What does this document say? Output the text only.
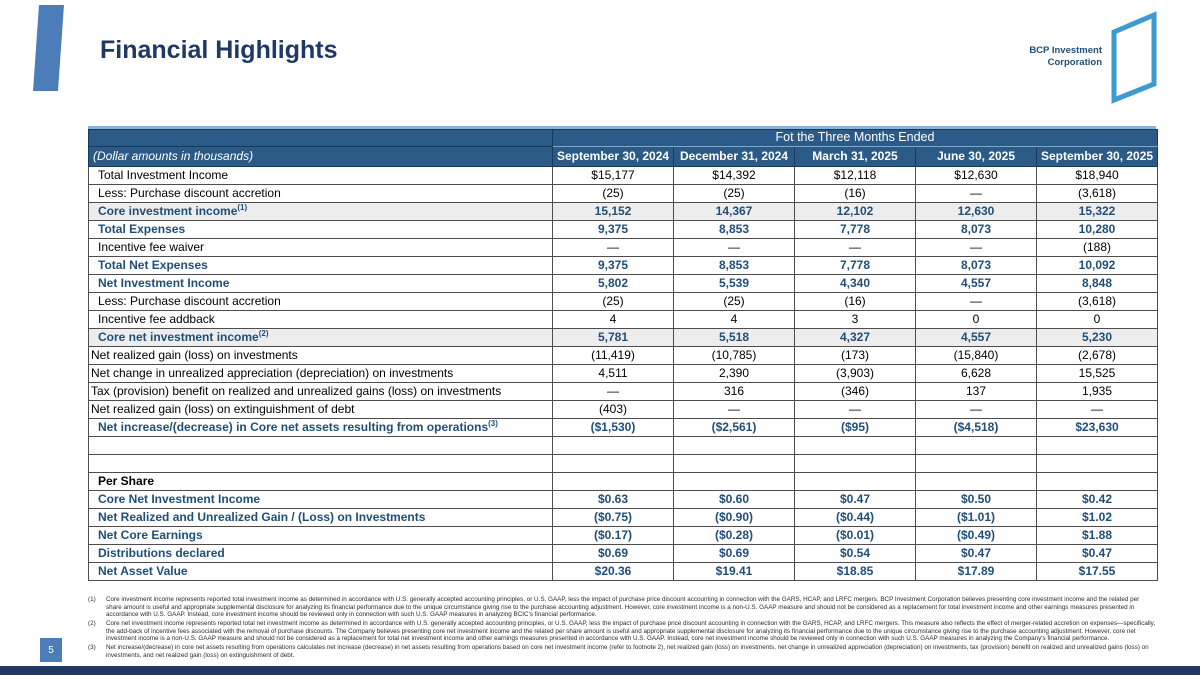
Financial Highlights	BCP Investment
Corporation
	Fot the Three Months Ended				
(Dollar amounts in thousands)	September 30, 2024	December 31, 2024	March 31, 2025	June 30, 2025	September 30, 2025
Total Investment Income	$15,177	$14,392	$12,118	$12,630	$18,940
Less: Purchase discount accretion	(25)	(25)	(16)	—	(3,618)
Core investment income$^{(1)}$	15,152	14,367	12,102	12,630	15,322
Total Expenses	9,375	8,853	7,778	8,073	10,280
Incentive fee waiver	—	—	—	—	(188)
Total Net Expenses	9,375	8,853	7,778	8,073	10,092
Net Investment Income	5,802	5,539	4,340	4,557	8,848
Less: Purchase discount accretion	(25)	(25)	(16)	—	(3,618)
Incentive fee addback	4	4	3	0	0
Core net investment income$^{(2)}$	5,781	5,518	4,327	4,557	5,230
Net realized gain (loss) on investments	(11,419)	(10,785)	(173)	(15,840)	(2,678)
Net change in unrealized appreciation (depreciation) on investments	4,511	2,390	(3,903)	6,628	15,525
Tax (provision) benefit on realized and unrealized gains (loss) on investments	—	316	(346)	137	1,935
Net realized gain (loss) on extinguishment of debt	(403)	—	—	—	—
Net increase/(decrease) in Core net assets resulting from operations$^{(3)}$	($1,530)	($2,561)	($95)	($4,518)	$23,630

Per Share					
Core Net Investment Income	$0.63	$0.60	$0.47	$0.50	$0.42
Net Realized and Unrealized Gain / (Loss) on Investments	($0.75)	($0.90)	($0.44)	($1.01)	$1.02
Net Core Earnings	($0.17)	($0.28)	($0.01)	($0.49)	$1.88
Distributions declared	$0.69	$0.69	$0.54	$0.47	$0.47
Net Asset Value	$20.36	$19.41	$18.85	$17.89	$17.55
(1)	Core investment income represents reported total investment income as determined in accordance with U.S. generally accepted accounting principles, or U.S. GAAP, less the impact of purchase price discount accounting in connection with the GARS, HCAP, and LRFC mergers. BCP Investment Corporation believes presenting core investment income and the related per share amount is useful and appropriate supplemental disclosure for analyzing its financial performance due to the unique circumstance giving rise to the purchase accounting adjustment. However, core investment income is a non-U.S. GAAP measure and should not be considered as a replacement for total investment income and other earnings measures presented in accordance with U.S. GAAP. Instead, core investment income should be reviewed only in connection with such U.S. GAAP measures in analyzing BCIC's financial performance.
(2)	Core net investment income represents reported total net investment income as determined in accordance with U.S. generally accepted accounting principles, or U.S. GAAP, less the impact of purchase price discount accounting in connection with the GARS, HCAP, and LRFC mergers. This measure also reflects the effect of merger-related accretion on expenses—specifically, the add-back of incentive fees associated with the removal of purchase discounts. The Company believes presenting core net investment income and the related per share amount is useful and appropriate supplemental disclosure for analyzing its financial performance due to the unique circumstance giving rise to the purchase accounting adjustment. However, core net investment income is a non-U.S. GAAP measure and should not be considered as a replacement for total net investment income and other earnings measures presented in accordance with U.S. GAAP. Instead, core net investment income should be reviewed only in connection with such U.S. GAAP measures in analyzing the Company's financial performance.
(3)	Net increase/(decrease) in core net assets resulting from operations calculates net increase (decrease) in net assets resulting from operations based on core net investment income (refer to footnote 2), net realized gain (loss) on investments, net change in unrealized appreciation (depreciation) on investments, tax (provision) benefit on realized and unrealized gains (loss) on investments, and net realized gain (loss) on extinguishment of debt.
5
